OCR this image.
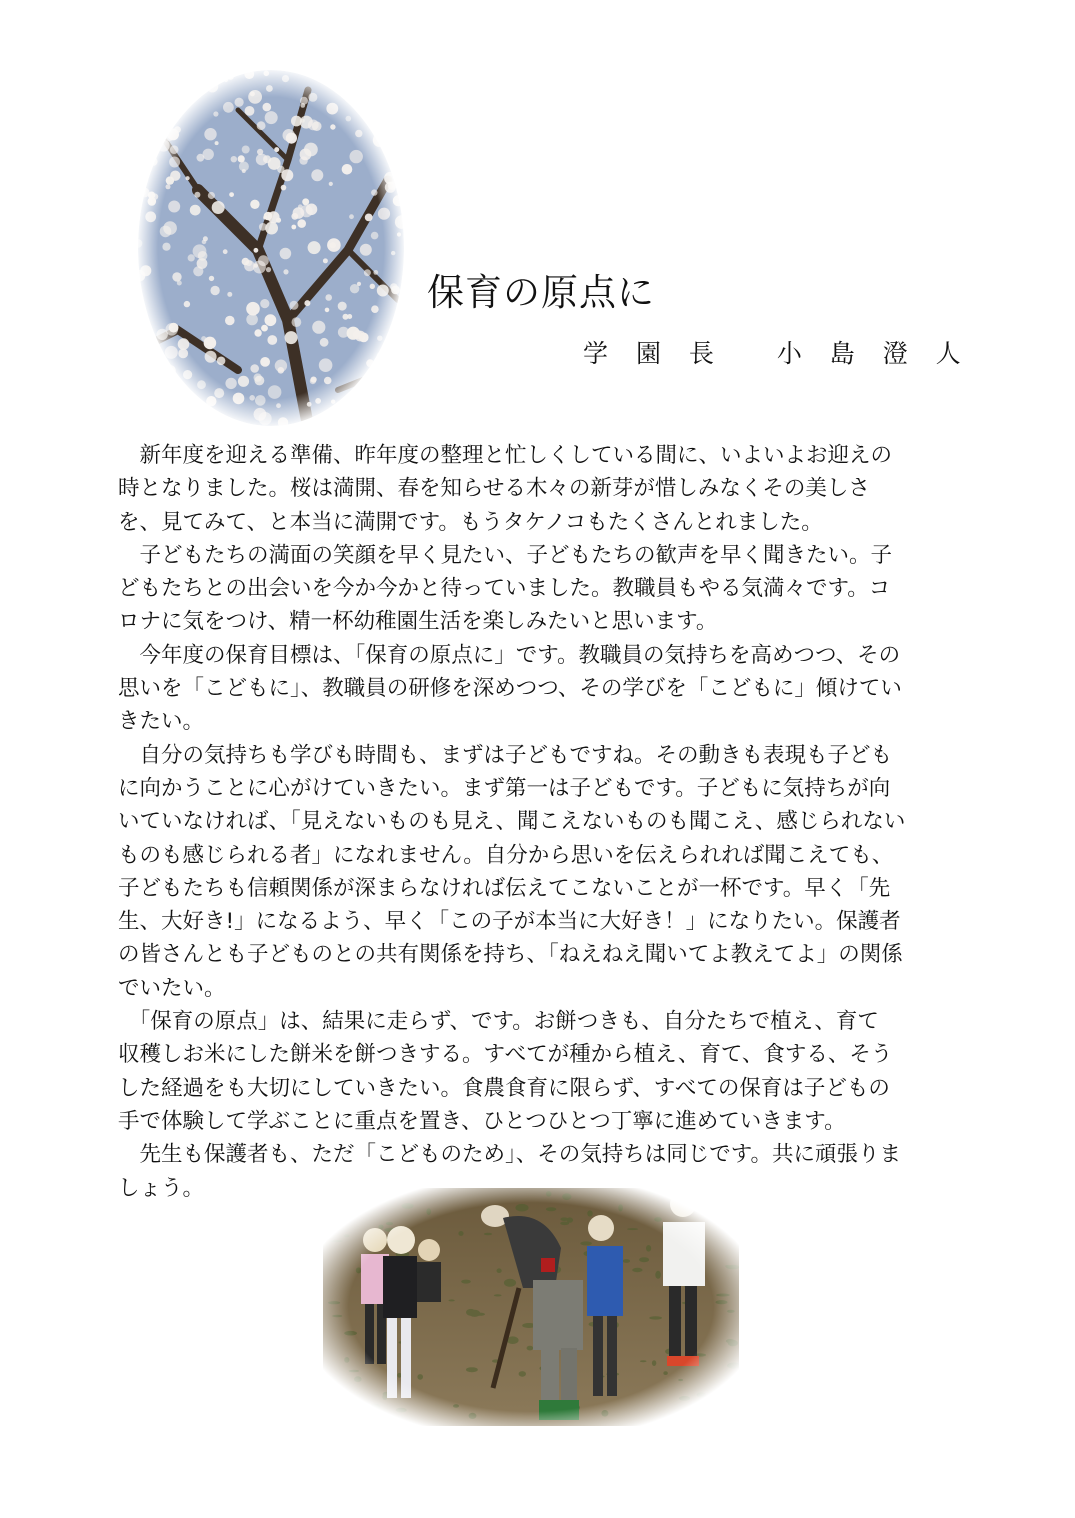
保育の原点に
学 園 長　 小 島 澄 人

　新年度を迎える準備、昨年度の整理と忙しくしている間に、いよいよお迎えの

時となりました。桜は満開、春を知らせる木々の新芽が惜しみなくその美しさ

を、見てみて、と本当に満開です。もうタケノコもたくさんとれました。

　子どもたちの満面の笑顔を早く見たい、子どもたちの歓声を早く聞きたい。子

どもたちとの出会いを今か今かと待っていました。教職員もやる気満々です。コ

ロナに気をつけ、精一杯幼稚園生活を楽しみたいと思います。

　今年度の保育目標は、「保育の原点に」です。教職員の気持ちを高めつつ、その

思いを「こどもに」、教職員の研修を深めつつ、その学びを「こどもに」傾けてい

きたい。

　自分の気持ちも学びも時間も、まずは子どもですね。その動きも表現も子ども

に向かうことに心がけていきたい。まず第一は子どもです。子どもに気持ちが向

いていなければ、「見えないものも見え、聞こえないものも聞こえ、感じられない

ものも感じられる者」になれません。自分から思いを伝えられれば聞こえても、

子どもたちも信頼関係が深まらなければ伝えてこないことが一杯です。早く「先

生、大好き!」になるよう、早く「この子が本当に大好き！」になりたい。保護者

の皆さんとも子どものとの共有関係を持ち、「ねえねえ聞いてよ教えてよ」の関係

でいたい。

　「保育の原点」は、結果に走らず、です。お餅つきも、自分たちで植え、育て

収穫しお米にした餅米を餅つきする。すべてが種から植え、育て、食する、そう

した経過をも大切にしていきたい。食農食育に限らず、すべての保育は子どもの

手で体験して学ぶことに重点を置き、ひとつひとつ丁寧に進めていきます。

　先生も保護者も、ただ「こどものため」、その気持ちは同じです。共に頑張りま

しょう。
